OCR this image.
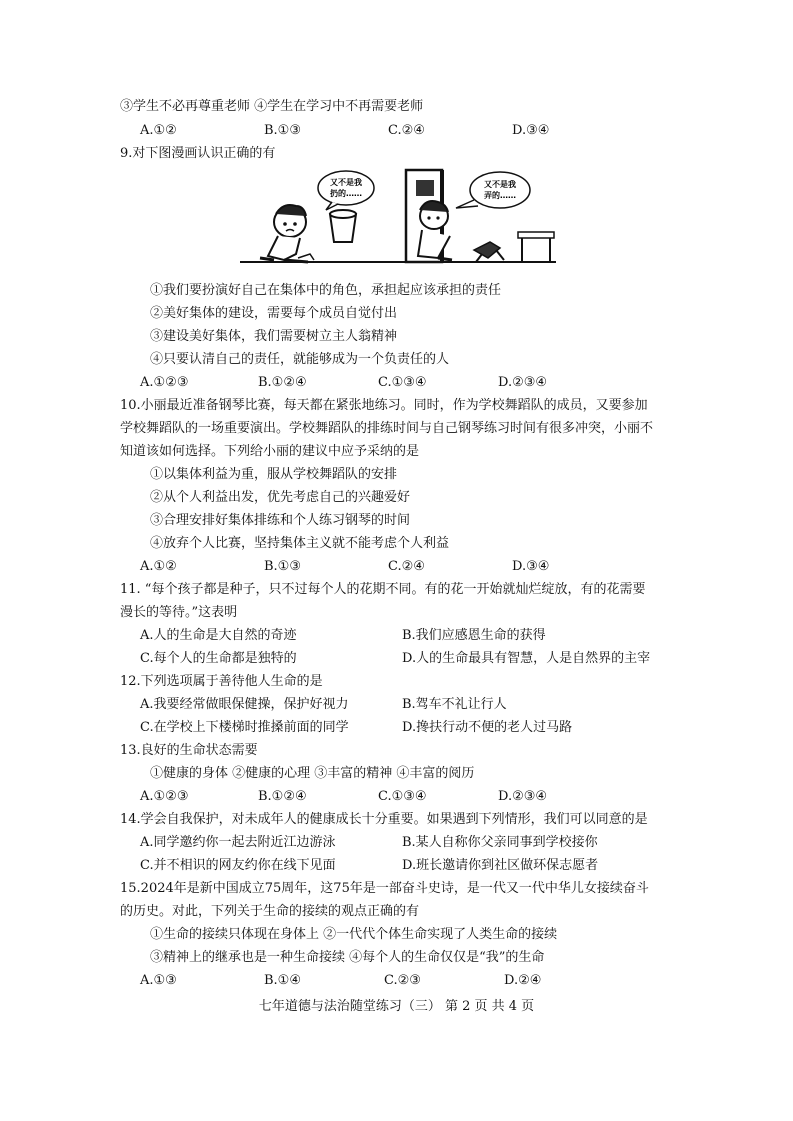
③学生不必再尊重老师 ④学生在学习中不再需要老师
A.①②	B.①③	C.②④	D.③④
9.对下图漫画认识正确的有
又不是我
扔的……
又不是我
弄的……
①我们要扮演好自己在集体中的角色，承担起应该承担的责任
②美好集体的建设，需要每个成员自觉付出
③建设美好集体，我们需要树立主人翁精神
④只要认清自己的责任，就能够成为一个负责任的人
A.①②③	B.①②④	C.①③④	D.②③④
10.小丽最近准备钢琴比赛，每天都在紧张地练习。同时，作为学校舞蹈队的成员，又要参加
学校舞蹈队的一场重要演出。学校舞蹈队的排练时间与自己钢琴练习时间有很多冲突，小丽不
知道该如何选择。下列给小丽的建议中应予采纳的是
①以集体利益为重，服从学校舞蹈队的安排
②从个人利益出发，优先考虑自己的兴趣爱好
③合理安排好集体排练和个人练习钢琴的时间
④放弃个人比赛，坚持集体主义就不能考虑个人利益
A.①②	B.①③	C.②④	D.③④
11. “每个孩子都是种子，只不过每个人的花期不同。有的花一开始就灿烂绽放，有的花需要
漫长的等待。”这表明
A.人的生命是大自然的奇迹	B.我们应感恩生命的获得
C.每个人的生命都是独特的	D.人的生命最具有智慧，人是自然界的主宰
12.下列选项属于善待他人生命的是
A.我要经常做眼保健操，保护好视力	B.驾车不礼让行人
C.在学校上下楼梯时推搡前面的同学	D.搀扶行动不便的老人过马路
13.良好的生命状态需要
①健康的身体 ②健康的心理 ③丰富的精神 ④丰富的阅历
A.①②③	B.①②④	C.①③④	D.②③④
14.学会自我保护，对未成年人的健康成长十分重要。如果遇到下列情形，我们可以同意的是
A.同学邀约你一起去附近江边游泳	B.某人自称你父亲同事到学校接你
C.并不相识的网友约你在线下见面	D.班长邀请你到社区做环保志愿者
15.2024年是新中国成立75周年，这75年是一部奋斗史诗，是一代又一代中华儿女接续奋斗
的历史。对此，下列关于生命的接续的观点正确的有
①生命的接续只体现在身体上 ②一代代个体生命实现了人类生命的接续
③精神上的继承也是一种生命接续 ④每个人的生命仅仅是“我”的生命
A.①③	B.①④	C.②③	D.②④
七年道德与法治随堂练习（三） 第 2 页 共 4 页
